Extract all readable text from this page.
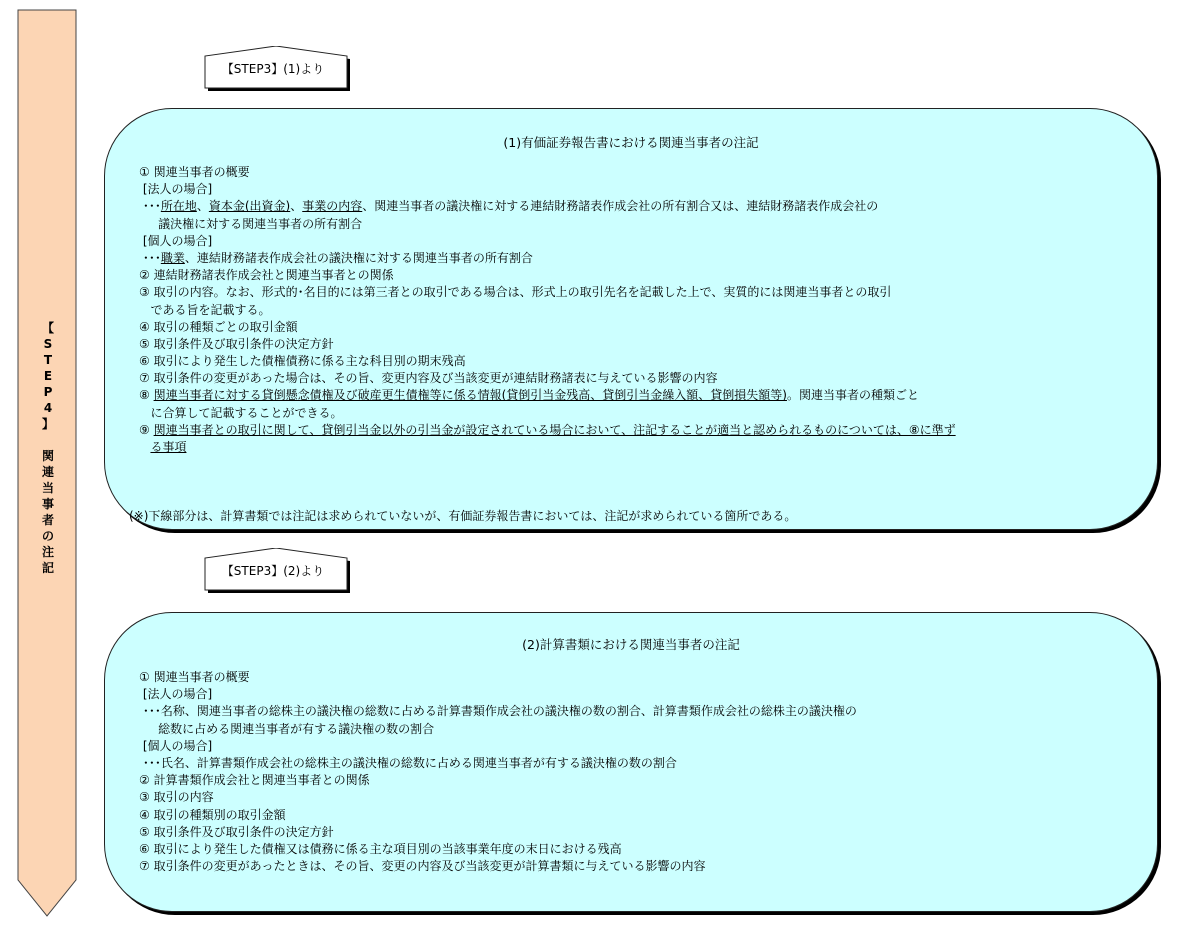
【
S
T
E
P
4
】

関
連
当
事
者
の
注
記
【STEP3】(1)より
(1)有価証券報告書における関連当事者の注記
① 関連当事者の概要
[法人の場合]
･･･所在地、資本金(出資金)、事業の内容、関連当事者の議決権に対する連結財務諸表作成会社の所有割合又は、連結財務諸表作成会社の
議決権に対する関連当事者の所有割合
[個人の場合]
･･･職業、連結財務諸表作成会社の議決権に対する関連当事者の所有割合
② 連結財務諸表作成会社と関連当事者との関係
③ 取引の内容。なお、形式的･名目的には第三者との取引である場合は、形式上の取引先名を記載した上で、実質的には関連当事者との取引
である旨を記載する。
④ 取引の種類ごとの取引金額
⑤ 取引条件及び取引条件の決定方針
⑥ 取引により発生した債権債務に係る主な科目別の期末残高
⑦ 取引条件の変更があった場合は、その旨、変更内容及び当該変更が連結財務諸表に与えている影響の内容
⑧ 関連当事者に対する貸倒懸念債権及び破産更生債権等に係る情報(貸倒引当金残高、貸倒引当金繰入額、貸倒損失額等)。関連当事者の種類ごと
に合算して記載することができる。
⑨ 関連当事者との取引に関して、貸倒引当金以外の引当金が設定されている場合において、注記することが適当と認められるものについては、⑧に準ず
る事項
(※)下線部分は、計算書類では注記は求められていないが、有価証券報告書においては、注記が求められている箇所である。
【STEP3】(2)より
(2)計算書類における関連当事者の注記
① 関連当事者の概要
[法人の場合]
･･･名称、関連当事者の総株主の議決権の総数に占める計算書類作成会社の議決権の数の割合、計算書類作成会社の総株主の議決権の
総数に占める関連当事者が有する議決権の数の割合
[個人の場合]
･･･氏名、計算書類作成会社の総株主の議決権の総数に占める関連当事者が有する議決権の数の割合
② 計算書類作成会社と関連当事者との関係
③ 取引の内容
④ 取引の種類別の取引金額
⑤ 取引条件及び取引条件の決定方針
⑥ 取引により発生した債権又は債務に係る主な項目別の当該事業年度の末日における残高
⑦ 取引条件の変更があったときは、その旨、変更の内容及び当該変更が計算書類に与えている影響の内容
